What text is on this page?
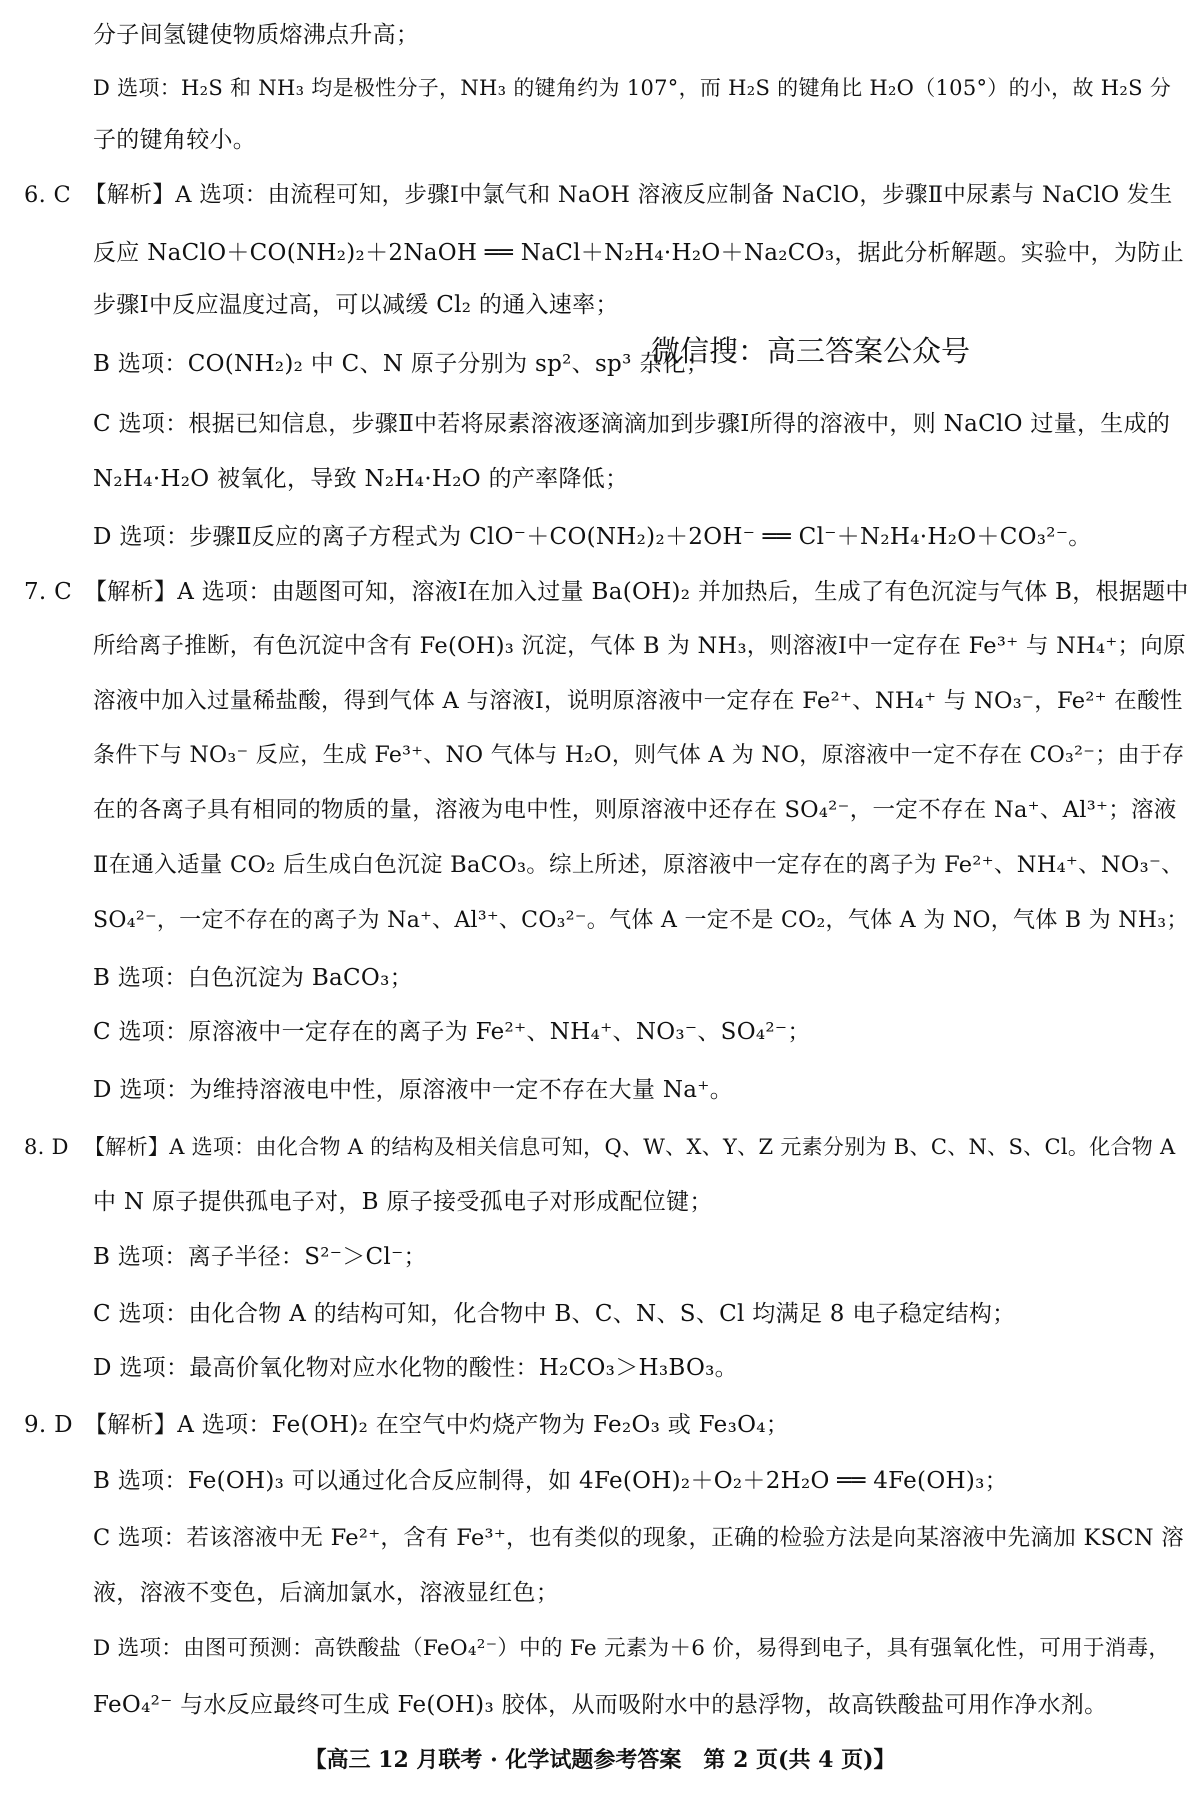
分子间氢键使物质熔沸点升高；
D 选项：H₂S 和 NH₃ 均是极性分子，NH₃ 的键角约为 107°，而 H₂S 的键角比 H₂O（105°）的小，故 H₂S 分
子的键角较小。
6. C 【解析】A 选项：由流程可知，步骤Ⅰ中氯气和 NaOH 溶液反应制备 NaClO，步骤Ⅱ中尿素与 NaClO 发生
反应 NaClO＋CO(NH₂)₂＋2NaOH ══ NaCl＋N₂H₄·H₂O＋Na₂CO₃，据此分析解题。实验中，为防止
步骤Ⅰ中反应温度过高，可以减缓 Cl₂ 的通入速率；
B 选项：CO(NH₂)₂ 中 C、N 原子分别为 sp²、sp³ 杂化；
微信搜：高三答案公众号
C 选项：根据已知信息，步骤Ⅱ中若将尿素溶液逐滴滴加到步骤Ⅰ所得的溶液中，则 NaClO 过量，生成的
N₂H₄·H₂O 被氧化，导致 N₂H₄·H₂O 的产率降低；
D 选项：步骤Ⅱ反应的离子方程式为 ClO⁻＋CO(NH₂)₂＋2OH⁻ ══ Cl⁻＋N₂H₄·H₂O＋CO₃²⁻。
7. C 【解析】A 选项：由题图可知，溶液Ⅰ在加入过量 Ba(OH)₂ 并加热后，生成了有色沉淀与气体 B，根据题中
所给离子推断，有色沉淀中含有 Fe(OH)₃ 沉淀，气体 B 为 NH₃，则溶液Ⅰ中一定存在 Fe³⁺ 与 NH₄⁺；向原
溶液中加入过量稀盐酸，得到气体 A 与溶液Ⅰ，说明原溶液中一定存在 Fe²⁺、NH₄⁺ 与 NO₃⁻，Fe²⁺ 在酸性
条件下与 NO₃⁻ 反应，生成 Fe³⁺、NO 气体与 H₂O，则气体 A 为 NO，原溶液中一定不存在 CO₃²⁻；由于存
在的各离子具有相同的物质的量，溶液为电中性，则原溶液中还存在 SO₄²⁻，一定不存在 Na⁺、Al³⁺；溶液
Ⅱ在通入适量 CO₂ 后生成白色沉淀 BaCO₃。综上所述，原溶液中一定存在的离子为 Fe²⁺、NH₄⁺、NO₃⁻、
SO₄²⁻，一定不存在的离子为 Na⁺、Al³⁺、CO₃²⁻。气体 A 一定不是 CO₂，气体 A 为 NO，气体 B 为 NH₃；
B 选项：白色沉淀为 BaCO₃；
C 选项：原溶液中一定存在的离子为 Fe²⁺、NH₄⁺、NO₃⁻、SO₄²⁻；
D 选项：为维持溶液电中性，原溶液中一定不存在大量 Na⁺。
8. D 【解析】A 选项：由化合物 A 的结构及相关信息可知，Q、W、X、Y、Z 元素分别为 B、C、N、S、Cl。化合物 A
中 N 原子提供孤电子对，B 原子接受孤电子对形成配位键；
B 选项：离子半径：S²⁻＞Cl⁻；
C 选项：由化合物 A 的结构可知，化合物中 B、C、N、S、Cl 均满足 8 电子稳定结构；
D 选项：最高价氧化物对应水化物的酸性：H₂CO₃＞H₃BO₃。
9. D 【解析】A 选项：Fe(OH)₂ 在空气中灼烧产物为 Fe₂O₃ 或 Fe₃O₄；
B 选项：Fe(OH)₃ 可以通过化合反应制得，如 4Fe(OH)₂＋O₂＋2H₂O ══ 4Fe(OH)₃；
C 选项：若该溶液中无 Fe²⁺，含有 Fe³⁺，也有类似的现象，正确的检验方法是向某溶液中先滴加 KSCN 溶
液，溶液不变色，后滴加氯水，溶液显红色；
D 选项：由图可预测：高铁酸盐（FeO₄²⁻）中的 Fe 元素为＋6 价，易得到电子，具有强氧化性，可用于消毒，
FeO₄²⁻ 与水反应最终可生成 Fe(OH)₃ 胶体，从而吸附水中的悬浮物，故高铁酸盐可用作净水剂。
【高三 12 月联考 · 化学试题参考答案　第 2 页(共 4 页)】
